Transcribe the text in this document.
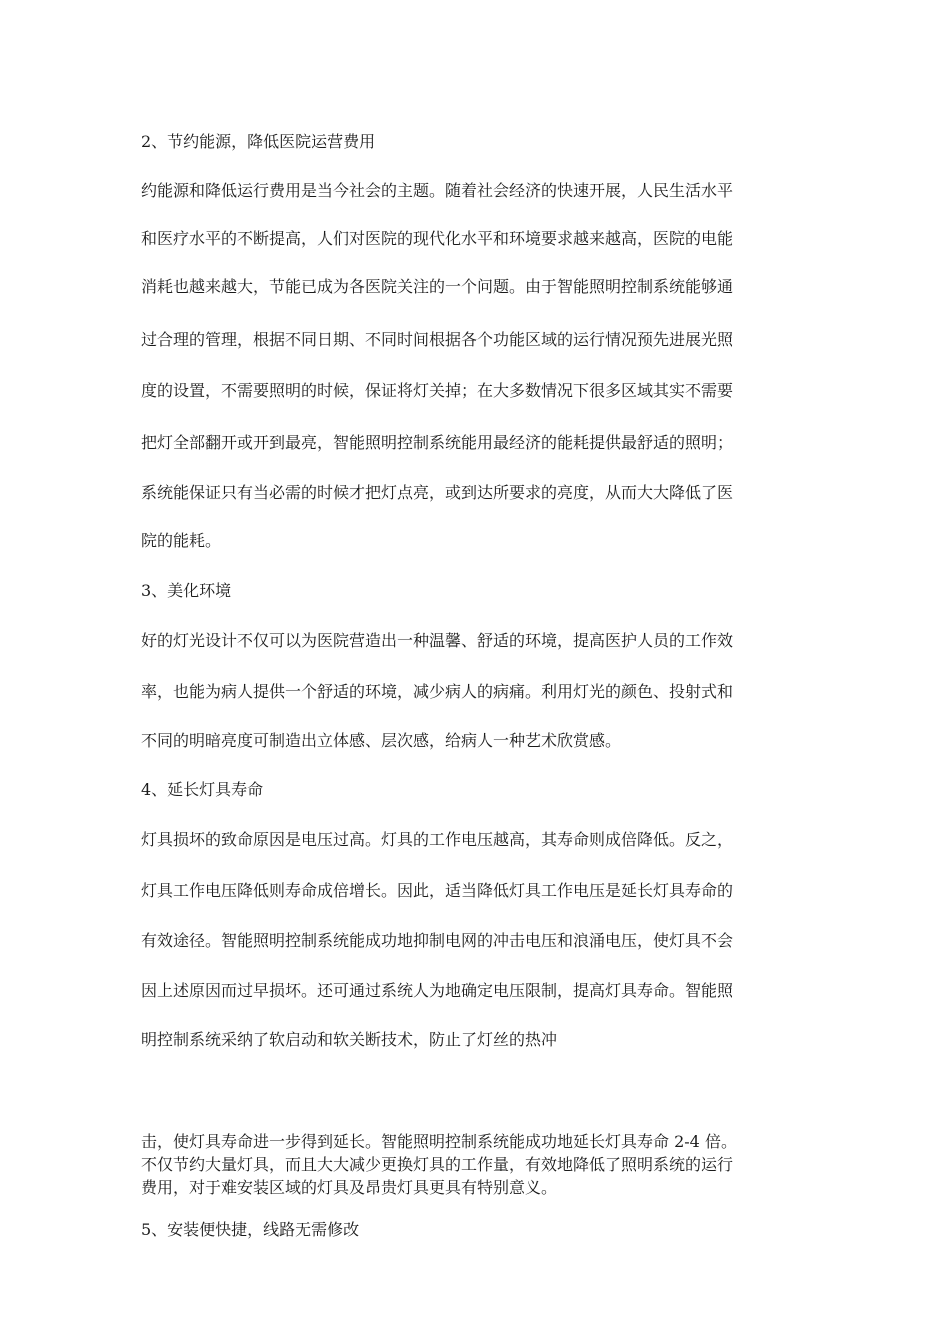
2、节约能源，降低医院运营费用
约能源和降低运行费用是当今社会的主题。随着社会经济的快速开展，人民生活水平
和医疗水平的不断提高，人们对医院的现代化水平和环境要求越来越高，医院的电能
消耗也越来越大，节能已成为各医院关注的一个问题。由于智能照明控制系统能够通
过合理的管理，根据不同日期、不同时间根据各个功能区域的运行情况预先进展光照
度的设置，不需要照明的时候，保证将灯关掉；在大多数情况下很多区域其实不需要
把灯全部翻开或开到最亮，智能照明控制系统能用最经济的能耗提供最舒适的照明；
系统能保证只有当必需的时候才把灯点亮，或到达所要求的亮度，从而大大降低了医
院的能耗。
3、美化环境
好的灯光设计不仅可以为医院营造出一种温馨、舒适的环境，提高医护人员的工作效
率，也能为病人提供一个舒适的环境，减少病人的病痛。利用灯光的颜色、投射式和
不同的明暗亮度可制造出立体感、层次感，给病人一种艺术欣赏感。
4、延长灯具寿命
灯具损坏的致命原因是电压过高。灯具的工作电压越高，其寿命则成倍降低。反之，
灯具工作电压降低则寿命成倍增长。因此，适当降低灯具工作电压是延长灯具寿命的
有效途径。智能照明控制系统能成功地抑制电网的冲击电压和浪涌电压，使灯具不会
因上述原因而过早损坏。还可通过系统人为地确定电压限制，提高灯具寿命。智能照
明控制系统采纳了软启动和软关断技术，防止了灯丝的热冲
击，使灯具寿命进一步得到延长。智能照明控制系统能成功地延长灯具寿命 2-4 倍。
不仅节约大量灯具，而且大大减少更换灯具的工作量，有效地降低了照明系统的运行
费用，对于难安装区域的灯具及昂贵灯具更具有特别意义。
5、安装便快捷，线路无需修改
